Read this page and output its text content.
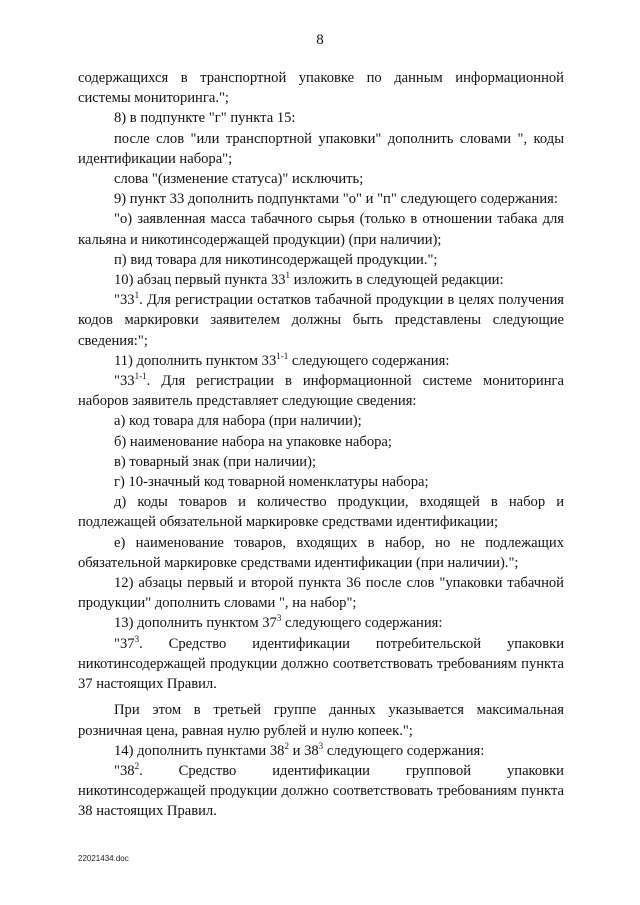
8

содержащихся в транспортной упаковке по данным информационной системы мониторинга.";

8) в подпункте "г" пункта 15:

после слов "или транспортной упаковки" дополнить словами ", коды идентификации набора";

слова "(изменение статуса)" исключить;

9) пункт 33 дополнить подпунктами "о" и "п" следующего содержания:

"о) заявленная масса табачного сырья (только в отношении табака для кальяна и никотинсодержащей продукции) (при наличии);

п) вид товара для никотинсодержащей продукции.";

10) абзац первый пункта $33^1$ изложить в следующей редакции:

"$33^1$. Для регистрации остатков табачной продукции в целях получения кодов маркировки заявителем должны быть представлены следующие сведения:";

11) дополнить пунктом 33$^{1-1}$ следующего содержания:

"33$^{1-1}$. Для регистрации в информационной системе мониторинга наборов заявитель представляет следующие сведения:

а) код товара для набора (при наличии);

б) наименование набора на упаковке набора;

в) товарный знак (при наличии);

г) 10-значный код товарной номенклатуры набора;

д) коды товаров и количество продукции, входящей в набор и подлежащей обязательной маркировке средствами идентификации;

е) наименование товаров, входящих в набор, но не подлежащих обязательной маркировке средствами идентификации (при наличии).";

12) абзацы первый и второй пункта 36 после слов "упаковки табачной продукции" дополнить словами ", на набор";

13) дополнить пунктом $37^3$ следующего содержания:

"$37^3$. Средство идентификации потребительской упаковки никотинсодержащей продукции должно соответствовать требованиям пункта 37 настоящих Правил.

При этом в третьей группе данных указывается максимальная розничная цена, равная нулю рублей и нулю копеек.";

14) дополнить пунктами $38^2$ и $38^3$ следующего содержания:

"$38^2$. Средство идентификации групповой упаковки никотинсодержащей продукции должно соответствовать требованиям пункта 38 настоящих Правил.

22021434.doc
